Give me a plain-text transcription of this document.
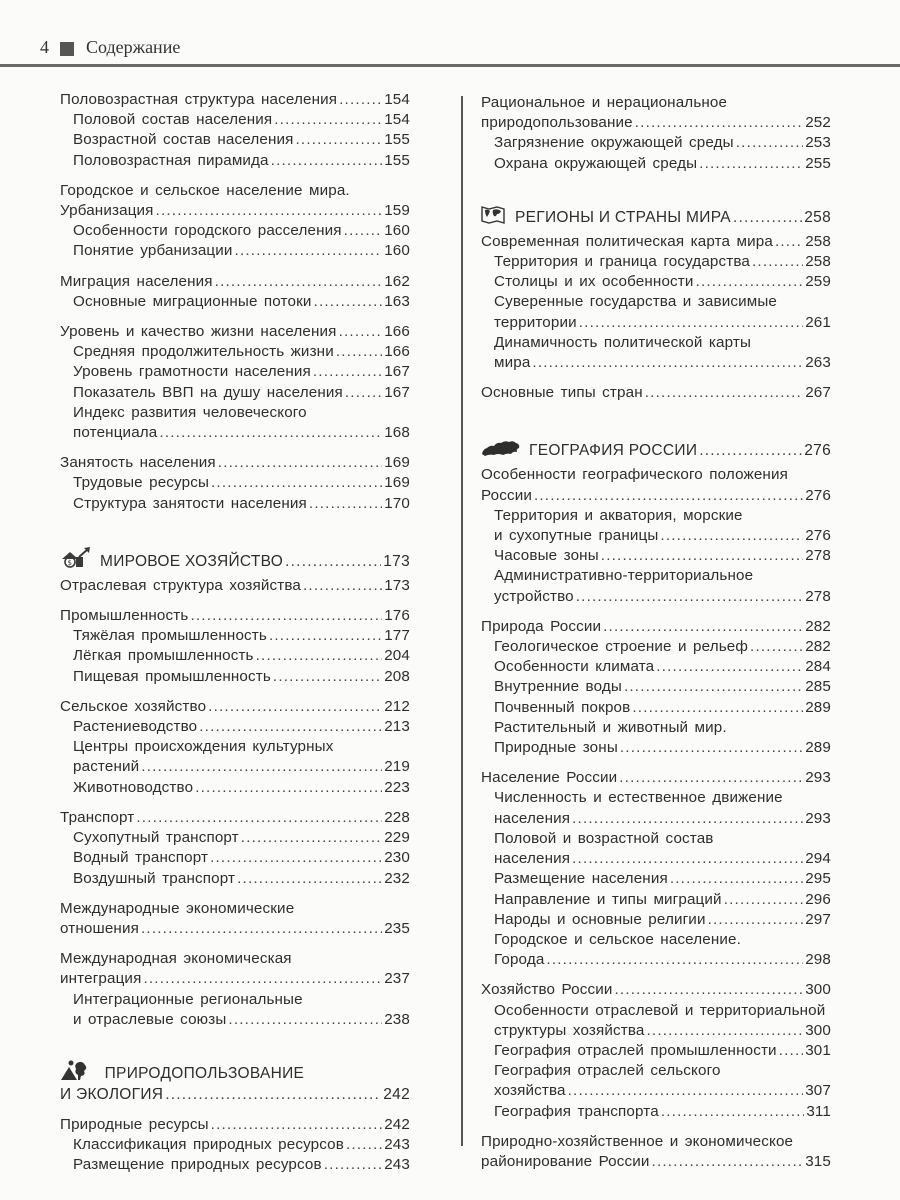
4 Содержание
Половозрастная структура населения .....	154
Половой состав населения .....	154
Возрастной состав населения .....	155
Половозрастная пирамида .....	155
Городское и сельское население мира.
Урбанизация .....	159
Особенности городского расселения .....	160
Понятие урбанизации .....	160
Миграция населения .....	162
Основные миграционные потоки .....	163
Уровень и качество жизни населения .....	166
Средняя продолжительность жизни .....	166
Уровень грамотности населения .....	167
Показатель ВВП на душу населения .....	167
Индекс развития человеческого
потенциала .....	168
Занятость населения .....	169
Трудовые ресурсы .....	169
Структура занятости населения .....	170
$ МИРОВОЕ ХОЗЯЙСТВО .....	173
Отраслевая структура хозяйства .....	173
Промышленность .....	176
Тяжёлая промышленность .....	177
Лёгкая промышленность .....	204
Пищевая промышленность .....	208
Сельское хозяйство .....	212
Растениеводство .....	213
Центры происхождения культурных
растений .....	219
Животноводство .....	223
Транспорт .....	228
Сухопутный транспорт .....	229
Водный транспорт .....	230
Воздушный транспорт .....	232
Международные экономические
отношения .....	235
Международная экономическая
интеграция .....	237
Интеграционные региональные
и отраслевые союзы .....	238
ПРИРОДОПОЛЬЗОВАНИЕ
И ЭКОЛОГИЯ .....	242
Природные ресурсы .....	242
Классификация природных ресурсов .....	243
Размещение природных ресурсов .....	243
Рациональное и нерациональное
природопользование .....	252
Загрязнение окружающей среды .....	253
Охрана окружающей среды .....	255
РЕГИОНЫ И СТРАНЫ МИРА .....	258
Современная политическая карта мира ..... 258
Территория и граница государства .....	258
Столицы и их особенности .....	259
Суверенные государства и зависимые
территории .....	261
Динамичность политической карты
мира .....	263
Основные типы стран .....	267
ГЕОГРАФИЯ РОССИИ .....	276
Особенности географического положения
России .....	276
Территория и акватория, морские
и сухопутные границы .....	276
Часовые зоны .....	278
Административно-территориальное
устройство .....	278
Природа России .....	282
Геологическое строение и рельеф .....	282
Особенности климата .....	284
Внутренние воды .....	285
Почвенный покров .....	289
Растительный и животный мир.
Природные зоны .....	289
Население России .....	293
Численность и естественное движение
населения .....	293
Половой и возрастной состав
населения .....	294
Размещение населения .....	295
Направление и типы миграций .....	296
Народы и основные религии .....	297
Городское и сельское население.
Города .....	298
Хозяйство России .....	300
Особенности отраслевой и территориальной
структуры хозяйства .....	300
География отраслей промышленности ..... 301
География отраслей сельского
хозяйства .....	307
География транспорта .....	311
Природно-хозяйственное и экономическое
районирование России .....	315
